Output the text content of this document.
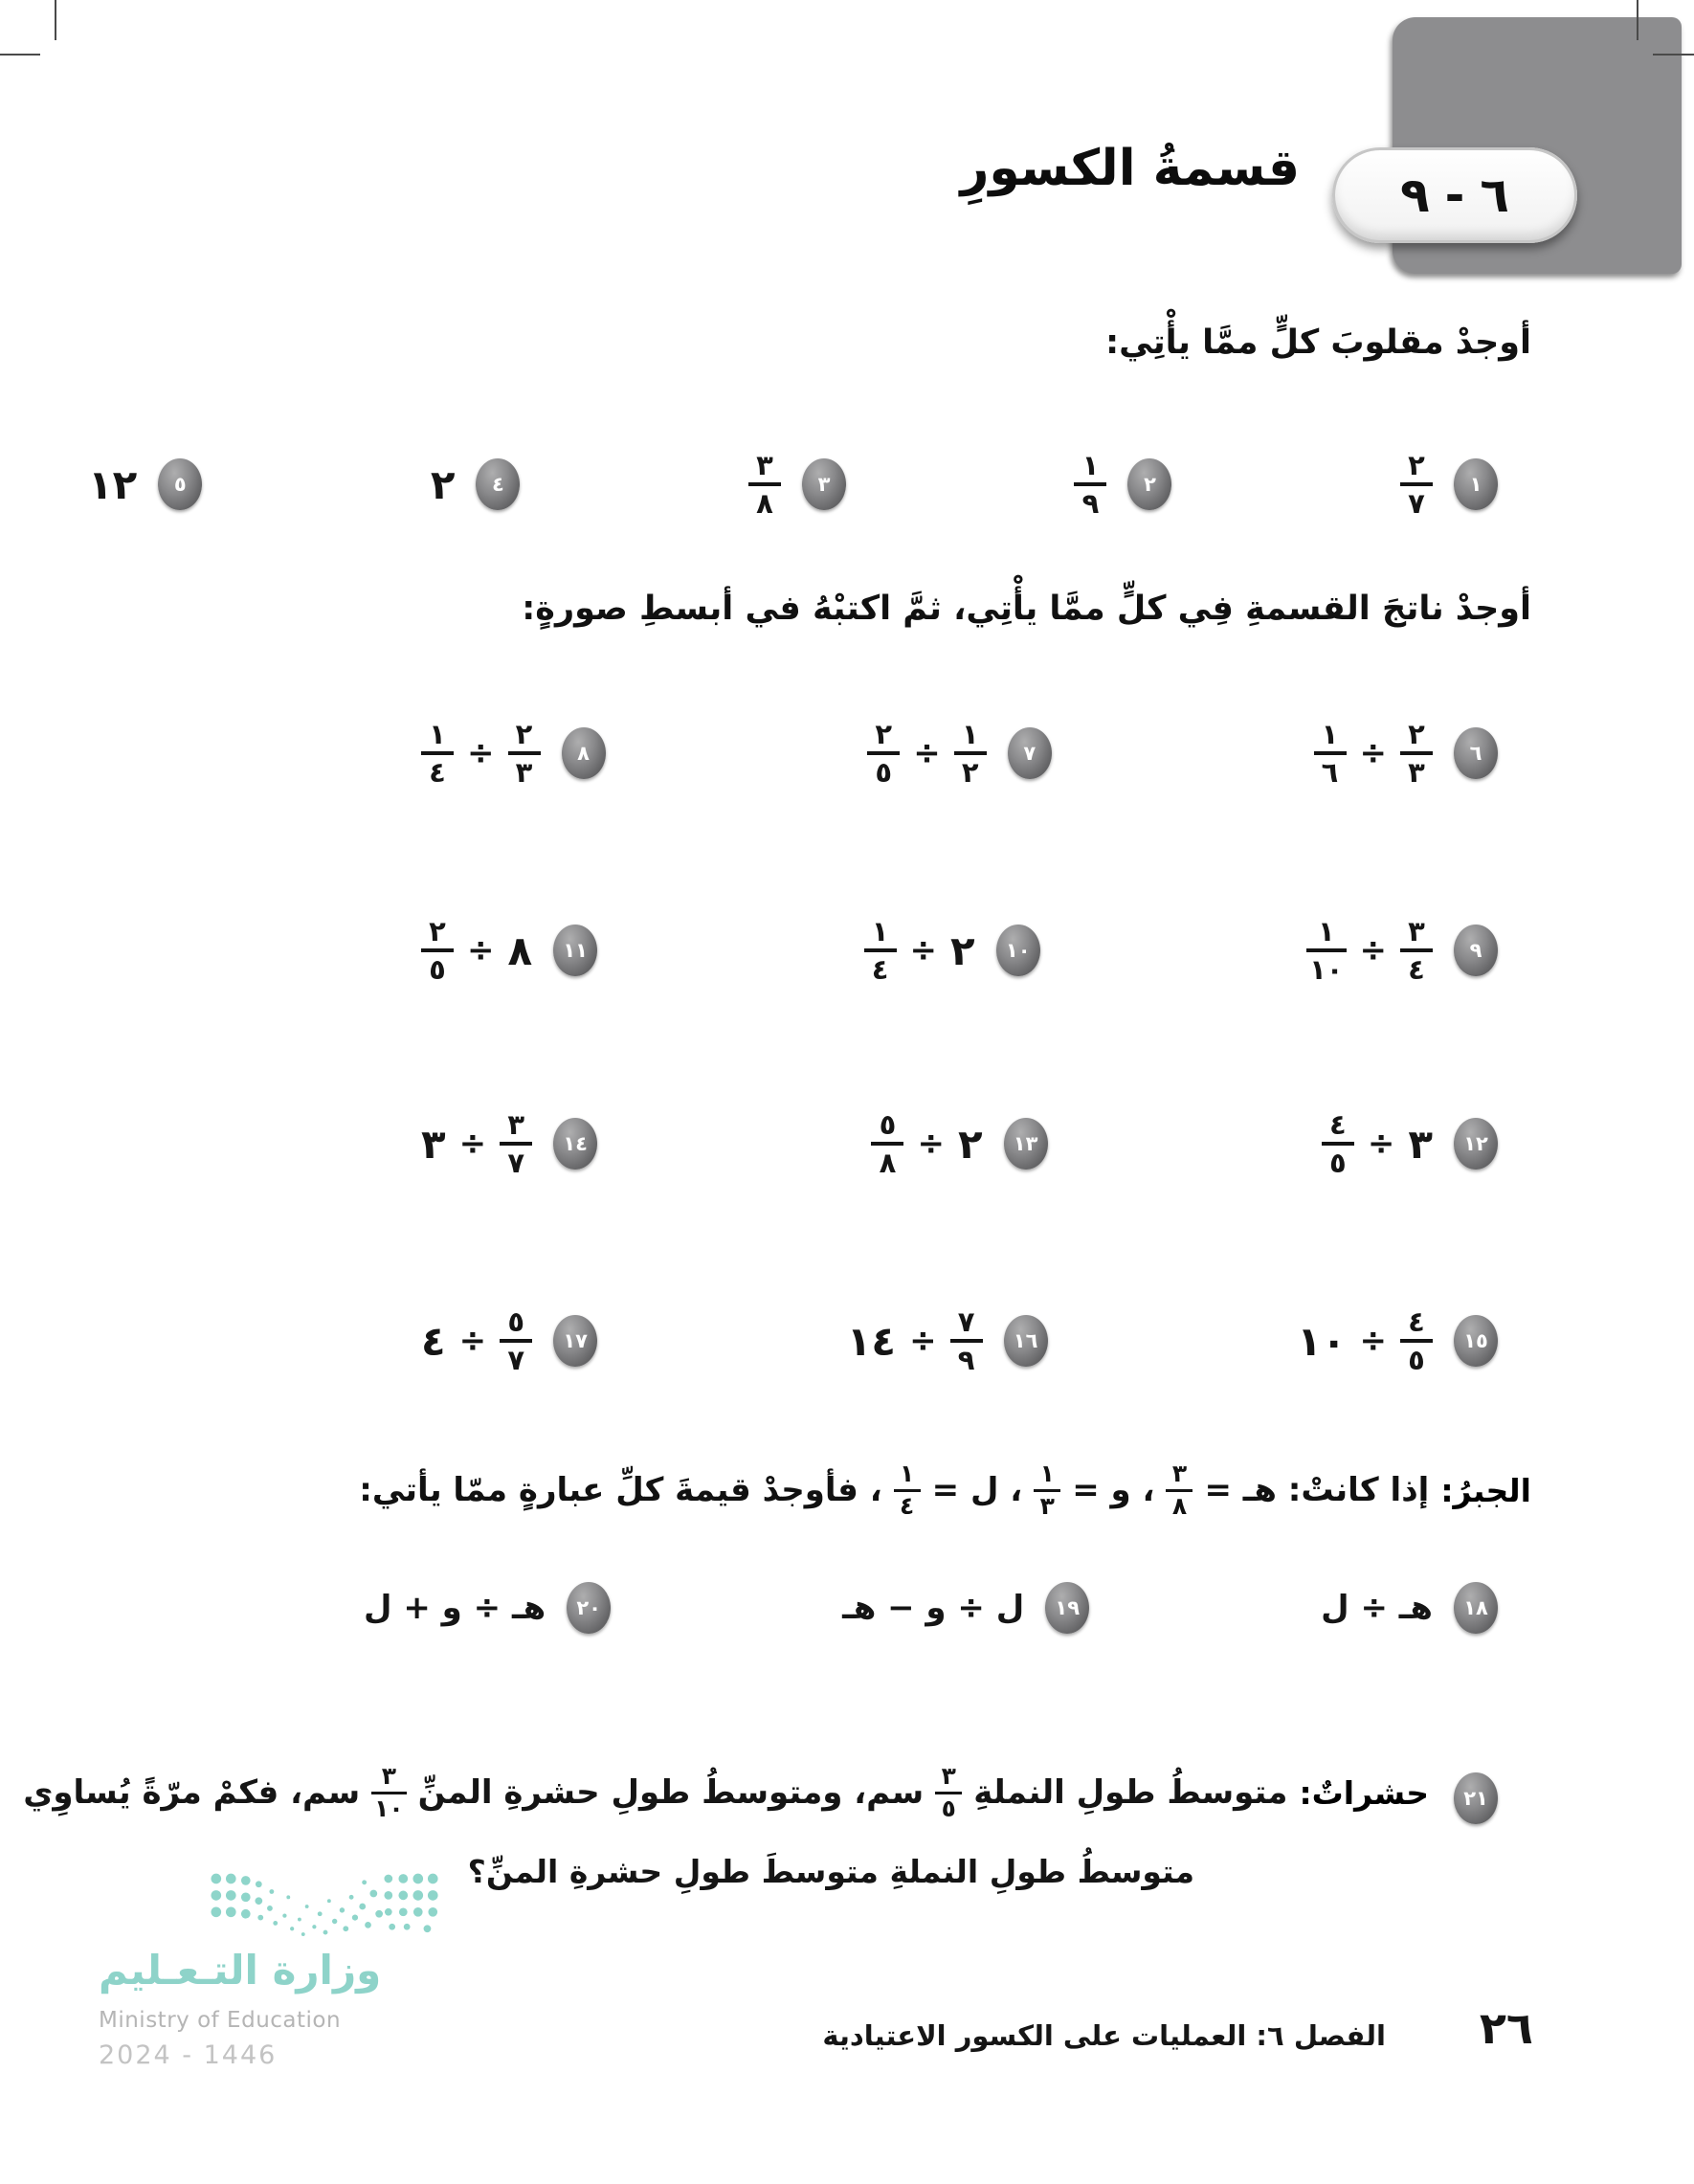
٦
-
٩
قسمةُ الكسورِ
أوجدْ مقلوبَ كلٍّ ممَّا يأْتِي:
١
$\frac{٢}{٧}$
٢
$\frac{١}{٩}$
٣
$\frac{٣}{٨}$
٤
٢
٥
١٢
أوجدْ ناتجَ القسمةِ فِي كلٍّ ممَّا يأْتِي، ثمَّ اكتبْهُ في أبسطِ صورةٍ:
٦
$\frac{٢}{٣}$
÷
$\frac{١}{٦}$
٧
$\frac{١}{٢}$
÷
$\frac{٢}{٥}$
٨
$\frac{٢}{٣}$
÷
$\frac{١}{٤}$
٩
$\frac{٣}{٤}$
÷
$\frac{١}{١٠}$
١٠
٢
÷
$\frac{١}{٤}$
١١
٨
÷
$\frac{٢}{٥}$
١٢
٣
÷
$\frac{٤}{٥}$
١٣
٢
÷
$\frac{٥}{٨}$
١٤
$\frac{٣}{٧}$
÷
٣
١٥
$\frac{٤}{٥}$
÷
١٠
١٦
$\frac{٧}{٩}$
÷
١٤
١٧
$\frac{٥}{٧}$
÷
٤
الجبرُ:
إذا كانتْ: هـ =
$\frac{٣}{٨}$
، و =
$\frac{١}{٣}$
، ل =
$\frac{١}{٤}$
، فأوجدْ قيمةَ كلِّ عبارةٍ ممّا يأتي:
١٨
هـ ÷ ل
١٩
ل ÷ و − هـ
٢٠
هـ ÷ و + ل
٢١
حشراتٌ:
متوسطُ طولِ النملةِ
$\frac{٣}{٥}$
سم، ومتوسطُ طولِ حشرةِ المنِّ
$\frac{٣}{١٠}$
سم، فكمْ مرّةً يُساوِي
متوسطُ طولِ النملةِ متوسطَ طولِ حشرةِ المنِّ؟
وزارة التـعـليم
Ministry of Education
2024 - 1446
٢٦
الفصل ٦: العمليات على الكسور الاعتيادية
